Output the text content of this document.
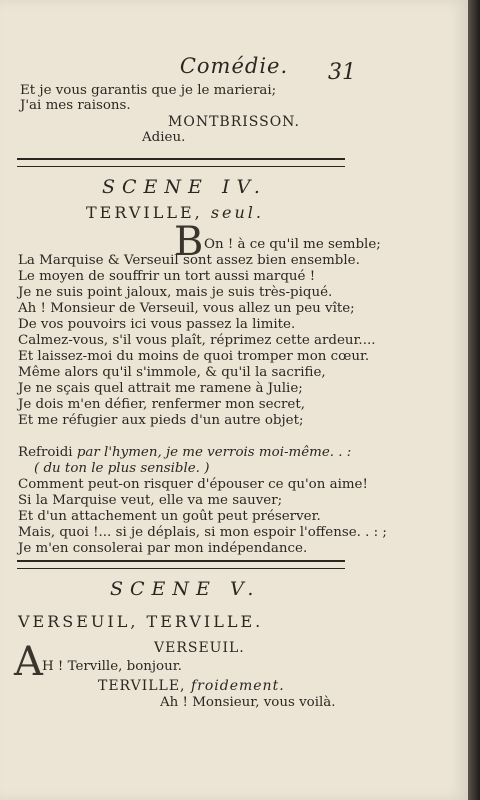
Comédie.	31
Et je vous garantis que je le marierai;
J'ai mes raisons.
MONTBRISSON.
Adieu.
SCENE IV.
TERVILLE, seul.
B On ! à ce qu'il me semble;
La Marquise & Verseuil sont assez bien ensemble.
Le moyen de souffrir un tort aussi marqué !
Je ne suis point jaloux, mais je suis très-piqué.
Ah ! Monsieur de Verseuil, vous allez un peu vîte;
De vos pouvoirs ici vous passez la limite.
Calmez-vous, s'il vous plaît, réprimez cette ardeur....
Et laissez-moi du moins de quoi tromper mon cœur.
Même alors qu'il s'immole, & qu'il la sacrifie,
Je ne sçais quel attrait me ramene à Julie;
Je dois m'en défier, renfermer mon secret,
Et me réfugier aux pieds d'un autre objet;
Refroidi par l'hymen, je me verrois moi-même. . :
( du ton le plus sensible. )
Comment peut-on risquer d'épouser ce qu'on aime!
Si la Marquise veut, elle va me sauver;
Et d'un attachement un goût peut préserver.
Mais, quoi !... si je déplais, si mon espoir l'offense. . : ;
Je m'en consolerai par mon indépendance.
SCENE V.
VERSEUIL, TERVILLE.
VERSEUIL.
A H ! Terville, bonjour.
TERVILLE, froidement.
Ah ! Monsieur, vous voilà.
